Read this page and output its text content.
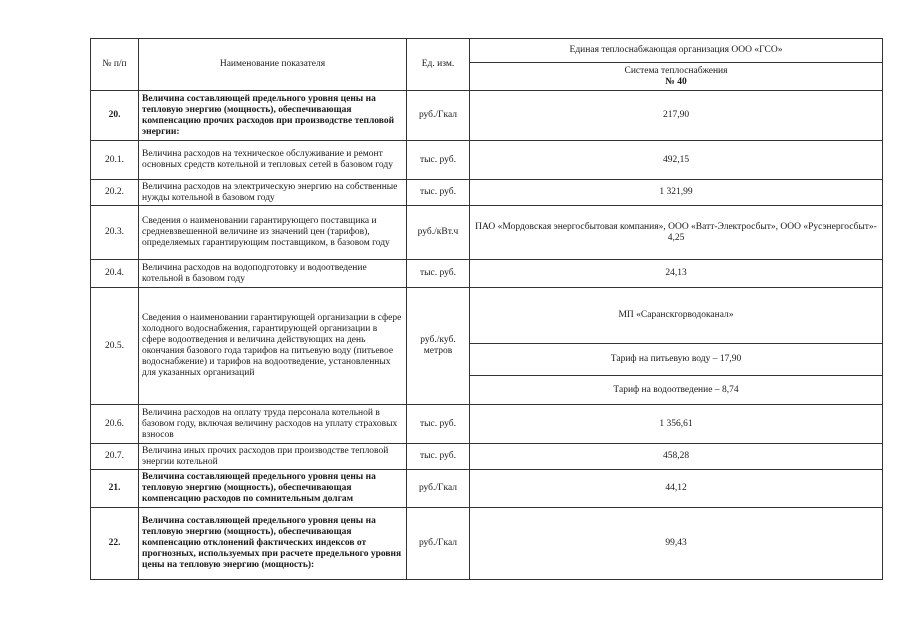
№ п/п	Наименование показателя	Ед. изм.	Единая теплоснабжающая организация ООО «ГСО»

			Система теплоснабжения
№ 40

20.	Величина составляющей предельного уровня цены на тепловую энергию (мощность), обеспечивающая компенсацию прочих расходов при производстве тепловой энергии:	руб./Гкал	217,90
20.1.	Величина расходов на техническое обслуживание и ремонт основных средств котельной и тепловых сетей в базовом году	тыс. руб.	492,15
20.2.	Величина расходов на электрическую энергию на собственные нужды котельной в базовом году	тыс. руб.	1 321,99
20.3.	Сведения о наименовании гарантирующего поставщика и средневзвешенной величине из значений цен (тарифов), определяемых гарантирующим поставщиком, в базовом году	руб./кВт.ч	ПАО «Мордовская энергосбытовая компания», ООО «Ватт-Электросбыт», ООО «Русэнергосбыт»- 4,25
20.4.	Величина расходов на водоподготовку и водоотведение котельной в базовом году	тыс. руб.	24,13
20.5.	Сведения о наименовании гарантирующей организации в сфере холодного водоснабжения, гарантирующей организации в сфере водоотведения и величина действующих на день окончания базового года тарифов на питьевую воду (питьевое водоснабжение) и тарифов на водоотведение, установленных для указанных организаций	руб./куб. метров	МП «Саранскгорводоканал»
			Тариф на питьевую воду – 17,90
			Тариф на водоотведение – 8,74
20.6.	Величина расходов на оплату труда персонала котельной в базовом году, включая величину расходов на уплату страховых взносов	тыс. руб.	1 356,61
20.7.	Величина иных прочих расходов при производстве тепловой энергии котельной	тыс. руб.	458,28
21.	Величина составляющей предельного уровня цены на тепловую энергию (мощность), обеспечивающая компенсацию расходов по сомнительным долгам	руб./Гкал	44,12
22.	Величина составляющей предельного уровня цены на тепловую энергию (мощность), обеспечивающая компенсацию отклонений фактических индексов от прогнозных, используемых при расчете предельного уровня цены на тепловую энергию (мощность):	руб./Гкал	99,43
